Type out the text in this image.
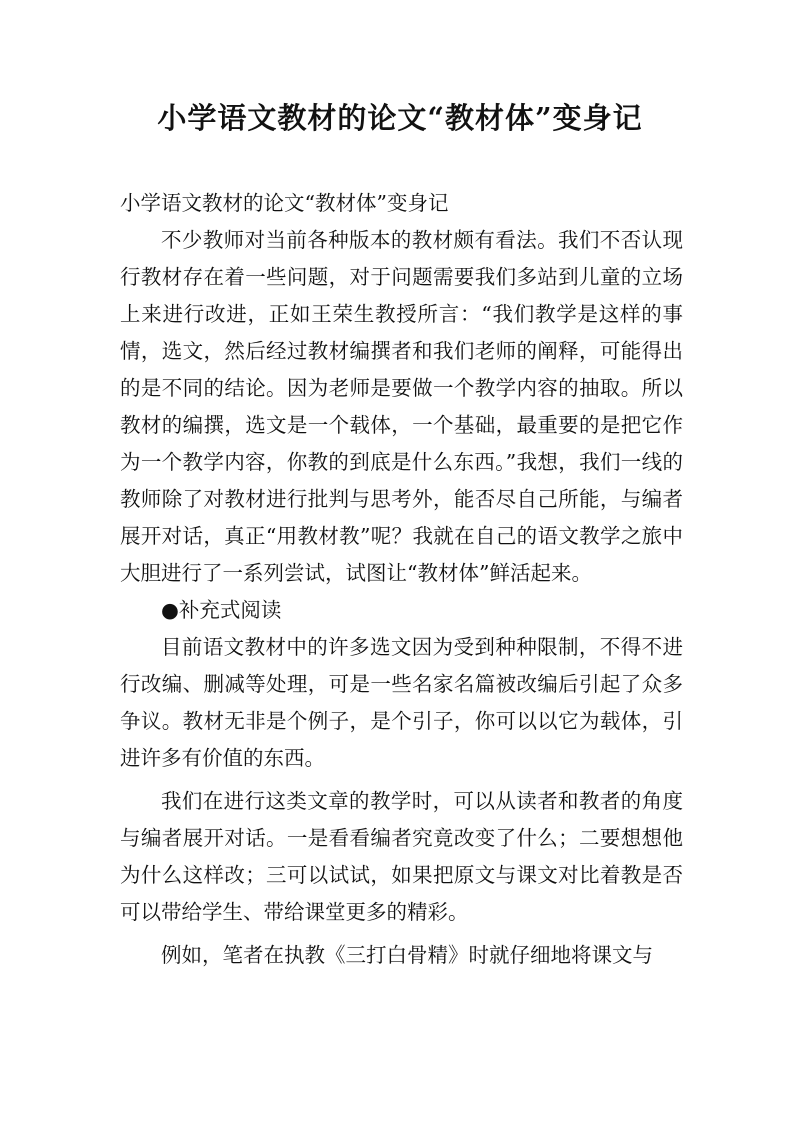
小学语文教材的论文“教材体”变身记

小学语文教材的论文“教材体”变身记

不少教师对当前各种版本的教材颇有看法。我们不否认现行教材存在着一些问题，对于问题需要我们多站到儿童的立场上来进行改进，正如王荣生教授所言：“我们教学是这样的事情，选文，然后经过教材编撰者和我们老师的阐释，可能得出的是不同的结论。因为老师是要做一个教学内容的抽取。所以教材的编撰，选文是一个载体，一个基础，最重要的是把它作为一个教学内容，你教的到底是什么东西。”我想，我们一线的教师除了对教材进行批判与思考外，能否尽自己所能，与编者展开对话，真正“用教材教”呢？我就在自己的语文教学之旅中大胆进行了一系列尝试，试图让“教材体”鲜活起来。

●补充式阅读

目前语文教材中的许多选文因为受到种种限制，不得不进行改编、删减等处理，可是一些名家名篇被改编后引起了众多争议。教材无非是个例子，是个引子，你可以以它为载体，引进许多有价值的东西。

我们在进行这类文章的教学时，可以从读者和教者的角度与编者展开对话。一是看看编者究竟改变了什么；二要想想他为什么这样改；三可以试试，如果把原文与课文对比着教是否可以带给学生、带给课堂更多的精彩。

例如，笔者在执教《三打白骨精》时就仔细地将课文与
